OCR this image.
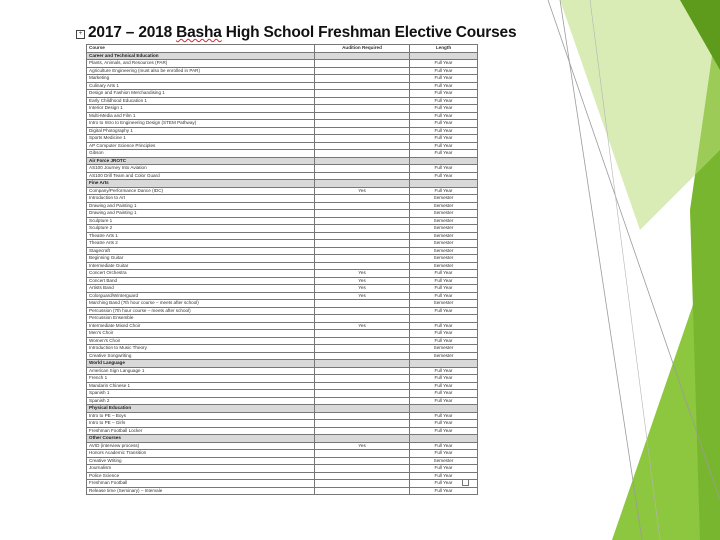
+ 2017 – 2018 Basha High School Freshman Elective Courses
Course	Audition Required	Length
Career and Technical Education		
Plants, Animals, and Resources (PAR)		Full Year
Agriculture Engineering (must also be enrolled in PAR)		Full Year
Marketing		Full Year
Culinary Arts 1		Full Year
Design and Fashion Merchandising 1		Full Year
Early Childhood Education 1		Full Year
Interior Design 1		Full Year
Multi-Media and Film 1		Full Year
Intro to Intro to Engineering Design (STEM Pathway)		Full Year
Digital Photography 1		Full Year
Sports Medicine 1		Full Year
AP Computer Science Principles		Full Year
Gibson		Full Year
Air Force JROTC		
AS100 Journey Into Aviation		Full Year
AS100 Drill Team and Color Guard		Full Year
Fine Arts		
Company/Performance Dance (IDC)	Yes	Full Year
Introduction to Art		Semester
Drawing and Painting 1		Semester
Drawing and Painting 1		Semester
Sculpture 1		Semester
Sculpture 2		Semester
Theatre Arts 1		Semester
Theatre Arts 2		Semester
Stagecraft		Semester
Beginning Guitar		Semester
Intermediate Guitar		Semester
Concert Orchestra	Yes	Full Year
Concert Band	Yes	Full Year
Artists Band	Yes	Full Year
Colorguard/Winterguard	Yes	Full Year
Marching Band (7th hour course – meets after school)		Semester
Percussion (7th hour course – meets after school)		Full Year
Percussion Ensemble		
Intermediate Mixed Choir	Yes	Full Year
Men's Choir		Full Year
Women's Choir		Full Year
Introduction to Music Theory		Semester
Creative Songwriting		Semester
World Language		
American Sign Language 1		Full Year
French 1		Full Year
Mandarin Chinese 1		Full Year
Spanish 1		Full Year
Spanish 2		Full Year
Physical Education		
Intro to PE – Boys		Full Year
Intro to PE – Girls		Full Year
Freshman Football Locker		Full Year
Other Courses		
AVID (interview process)	Yes	Full Year
Honors Academic Transition		Full Year
Creative Writing		Semester
Journalism		Full Year
Police Science		Full Year
Freshman Football		Full Year
Release time (Seminary) – Intervale		Full Year
